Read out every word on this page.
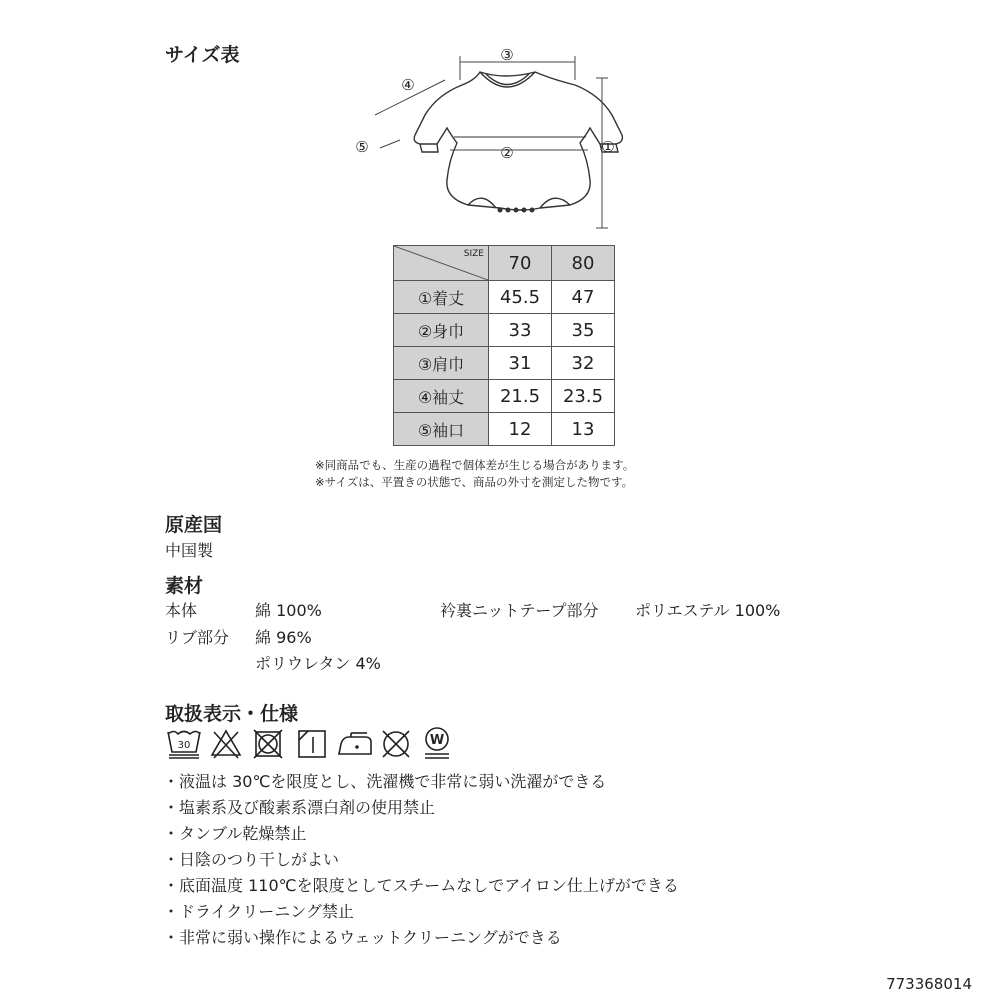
サイズ表	③
④
⑤	②	①
SIZE	70	80
①着丈	45.5	47
②身巾	33	35
③肩巾	31	32
④袖丈	21.5	23.5
⑤袖口	12	13
※同商品でも、生産の過程で個体差が生じる場合があります。
※サイズは、平置きの状態で、商品の外寸を測定した物です。
原産国
中国製
素材
本体	綿 100%	衿裏ニットテープ部分 ポリエステル 100%
リブ部分 綿 96%
ポリウレタン 4%
取扱表示・仕様
30	W
・液温は 30℃を限度とし、洗濯機で非常に弱い洗濯ができる
・塩素系及び酸素系漂白剤の使用禁止
・タンブル乾燥禁止
・日陰のつり干しがよい
・底面温度 110℃を限度としてスチームなしでアイロン仕上げができる
・ドライクリーニング禁止
・非常に弱い操作によるウェットクリーニングができる
773368014
